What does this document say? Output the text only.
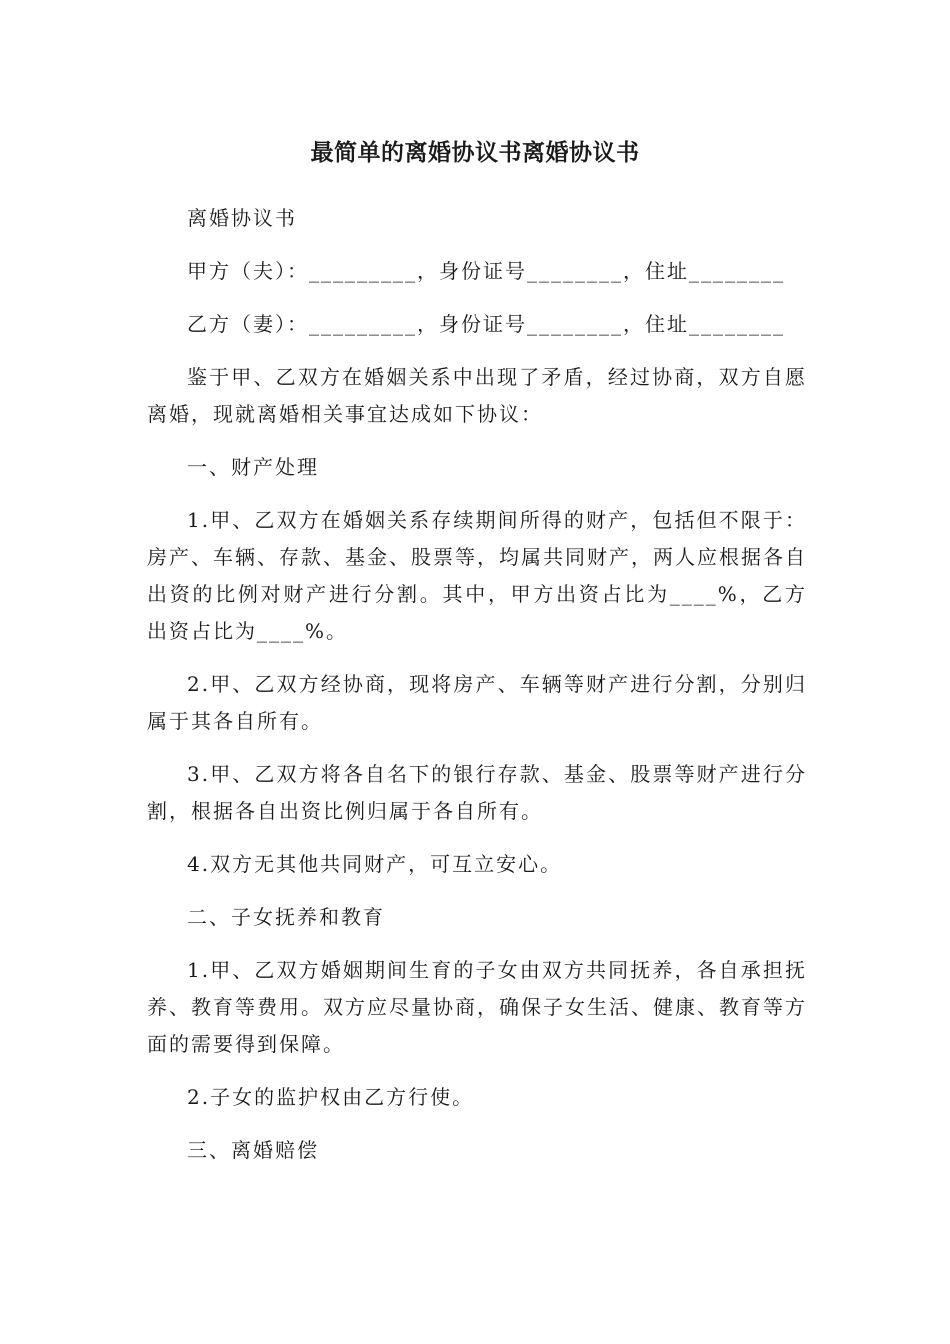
最简单的离婚协议书离婚协议书

离婚协议书

甲方（夫）：_________，身份证号________，住址________

乙方（妻）：_________，身份证号________，住址________

鉴于甲、乙双方在婚姻关系中出现了矛盾，经过协商，双方自愿离婚，现就离婚相关事宜达成如下协议：

一、财产处理

1.甲、乙双方在婚姻关系存续期间所得的财产，包括但不限于：房产、车辆、存款、基金、股票等，均属共同财产，两人应根据各自出资的比例对财产进行分割。其中，甲方出资占比为____%，乙方出资占比为____%。

2.甲、乙双方经协商，现将房产、车辆等财产进行分割，分别归属于其各自所有。

3.甲、乙双方将各自名下的银行存款、基金、股票等财产进行分割，根据各自出资比例归属于各自所有。

4.双方无其他共同财产，可互立安心。

二、子女抚养和教育

1.甲、乙双方婚姻期间生育的子女由双方共同抚养，各自承担抚养、教育等费用。双方应尽量协商，确保子女生活、健康、教育等方面的需要得到保障。

2.子女的监护权由乙方行使。

三、离婚赔偿
